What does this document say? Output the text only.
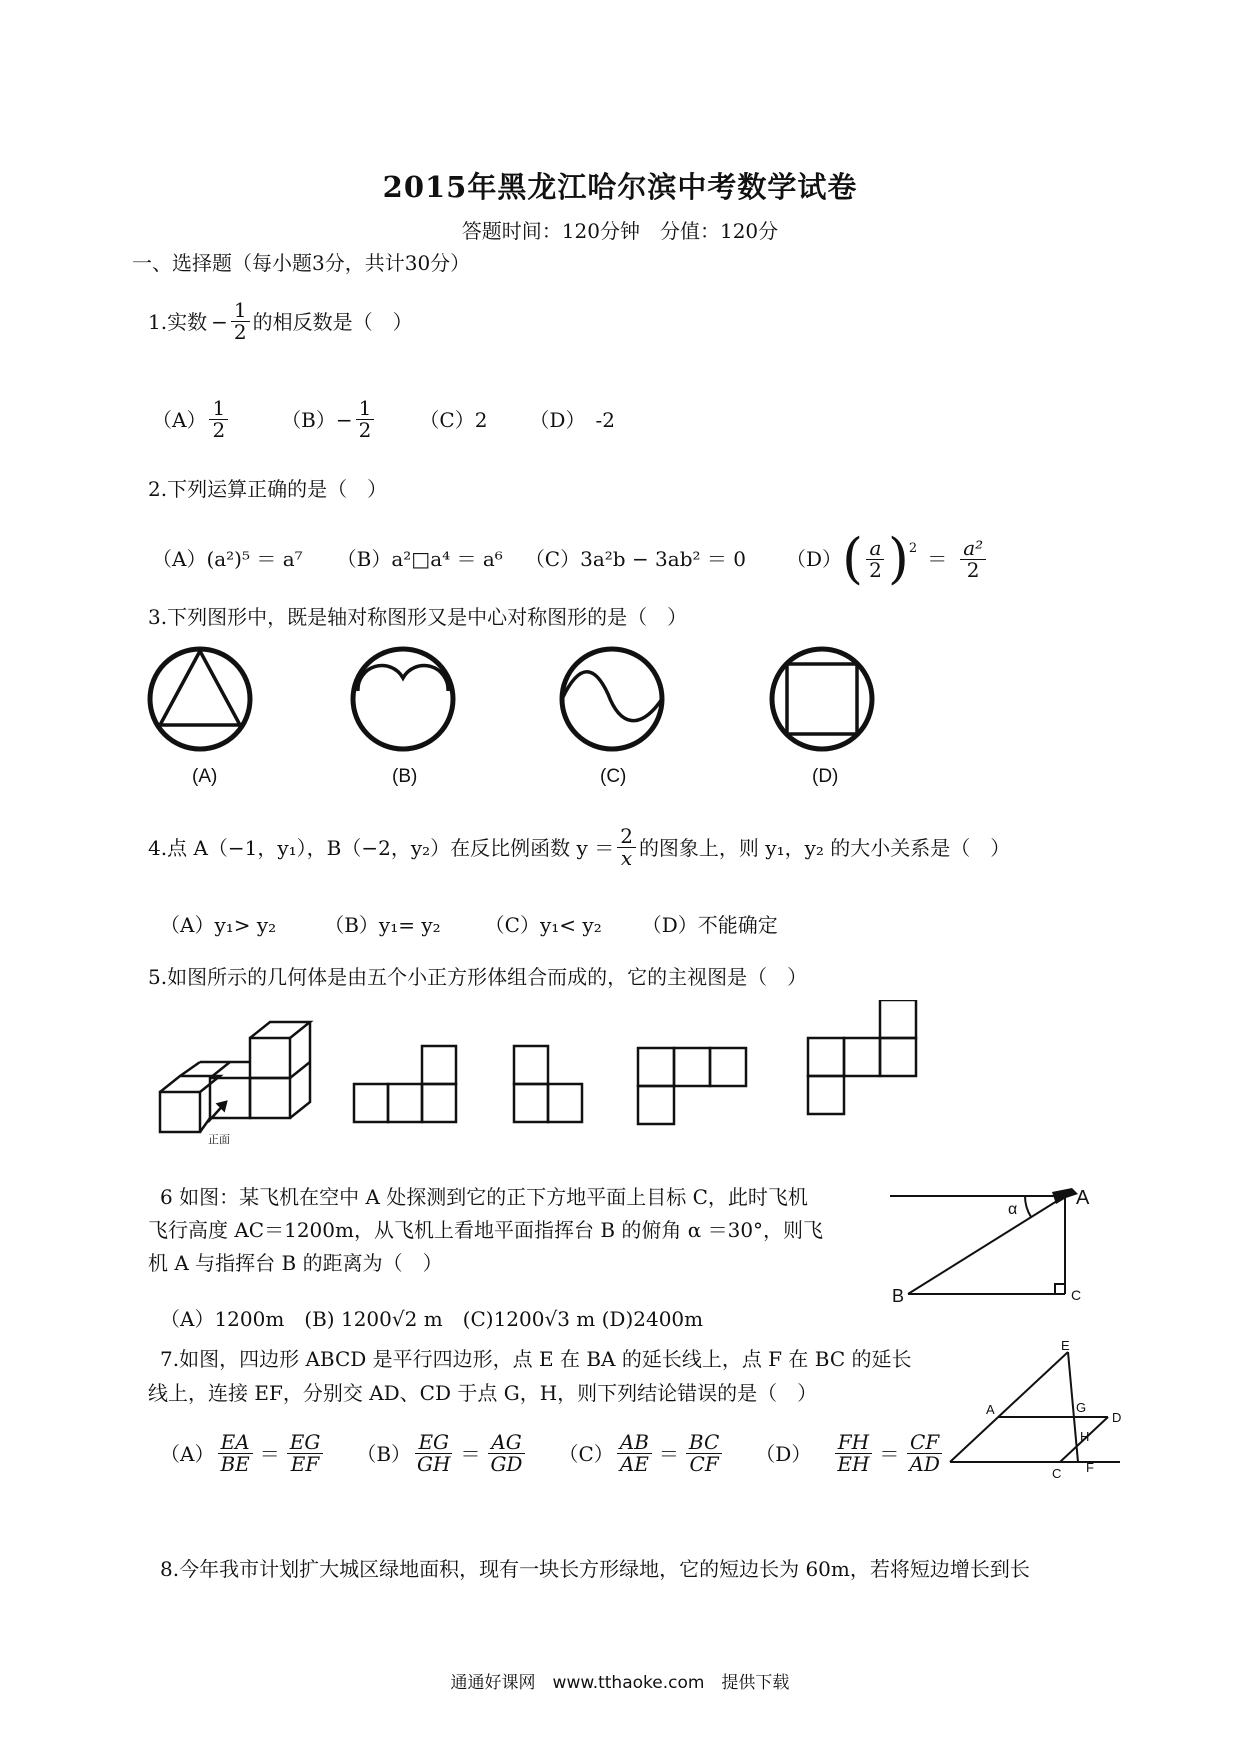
2015年黑龙江哈尔滨中考数学试卷
答题时间：120分钟　分值：120分
一、选择题（每小题3分，共计30分）
1.实数 − $\frac{1}{2}$ 的相反数是（　）
$(A) \frac{1}{2}$	$(B)- \frac{1}{2} (C)2$ （D）　-2
2.下列运算正确的是（　）
（A）(a²)⁵ ＝ a⁷ （B）a²□a⁴ ＝ a⁶ （C）3a²b − 3ab² ＝ 0 （D） ( $\frac{a}{2} )^2 = \frac{\text{a²}}{2}$
3.下列图形中，既是轴对称图形又是中心对称图形的是（　）
(A)	(B)	(C)	(D)
4.点 A（−1，y₁），B（−2，y₂）在反比例函数 $y = \frac{2}{x}$ 的图象上，则 y₁，y₂ 的大小关系是（　）
（A）y₁> y₂ （B）y₁= y₂ （C）y₁< y₂ （D）不能确定
5.如图所示的几何体是由五个小正方形体组合而成的，它的主视图是（　）
正面
6 如图：某飞机在空中 A 处探测到它的正下方地平面上目标 C，此时飞机
飞行高度 AC＝1200m，从飞机上看地平面指挥台 B 的俯角 α ＝30°，则飞
机 A 与指挥台 B 的距离为（　）
（A）1200m　(B) 1200√2 m　(C)1200√3 m (D)2400m
A
B	C
α
7.如图，四边形 ABCD 是平行四边形，点 E 在 BA 的延长线上，点 F 在 BC 的延长
线上，连接 EF，分别交 AD、CD 于点 G，H，则下列结论错误的是（　）
$(A) \frac{EA}{BE} = \frac{EG}{EF} (B) \frac{EG}{GH} = \frac{AG}{GD} (C) \frac{AB}{AE} = \frac{BC}{CF} (D) \frac{FH}{EH} = \frac{CF}{AD}$
E
A	G
D
H
C F
8.今年我市计划扩大城区绿地面积，现有一块长方形绿地，它的短边长为 60m，若将短边增长到长
通通好课网　www.tthaoke.com　提供下载
